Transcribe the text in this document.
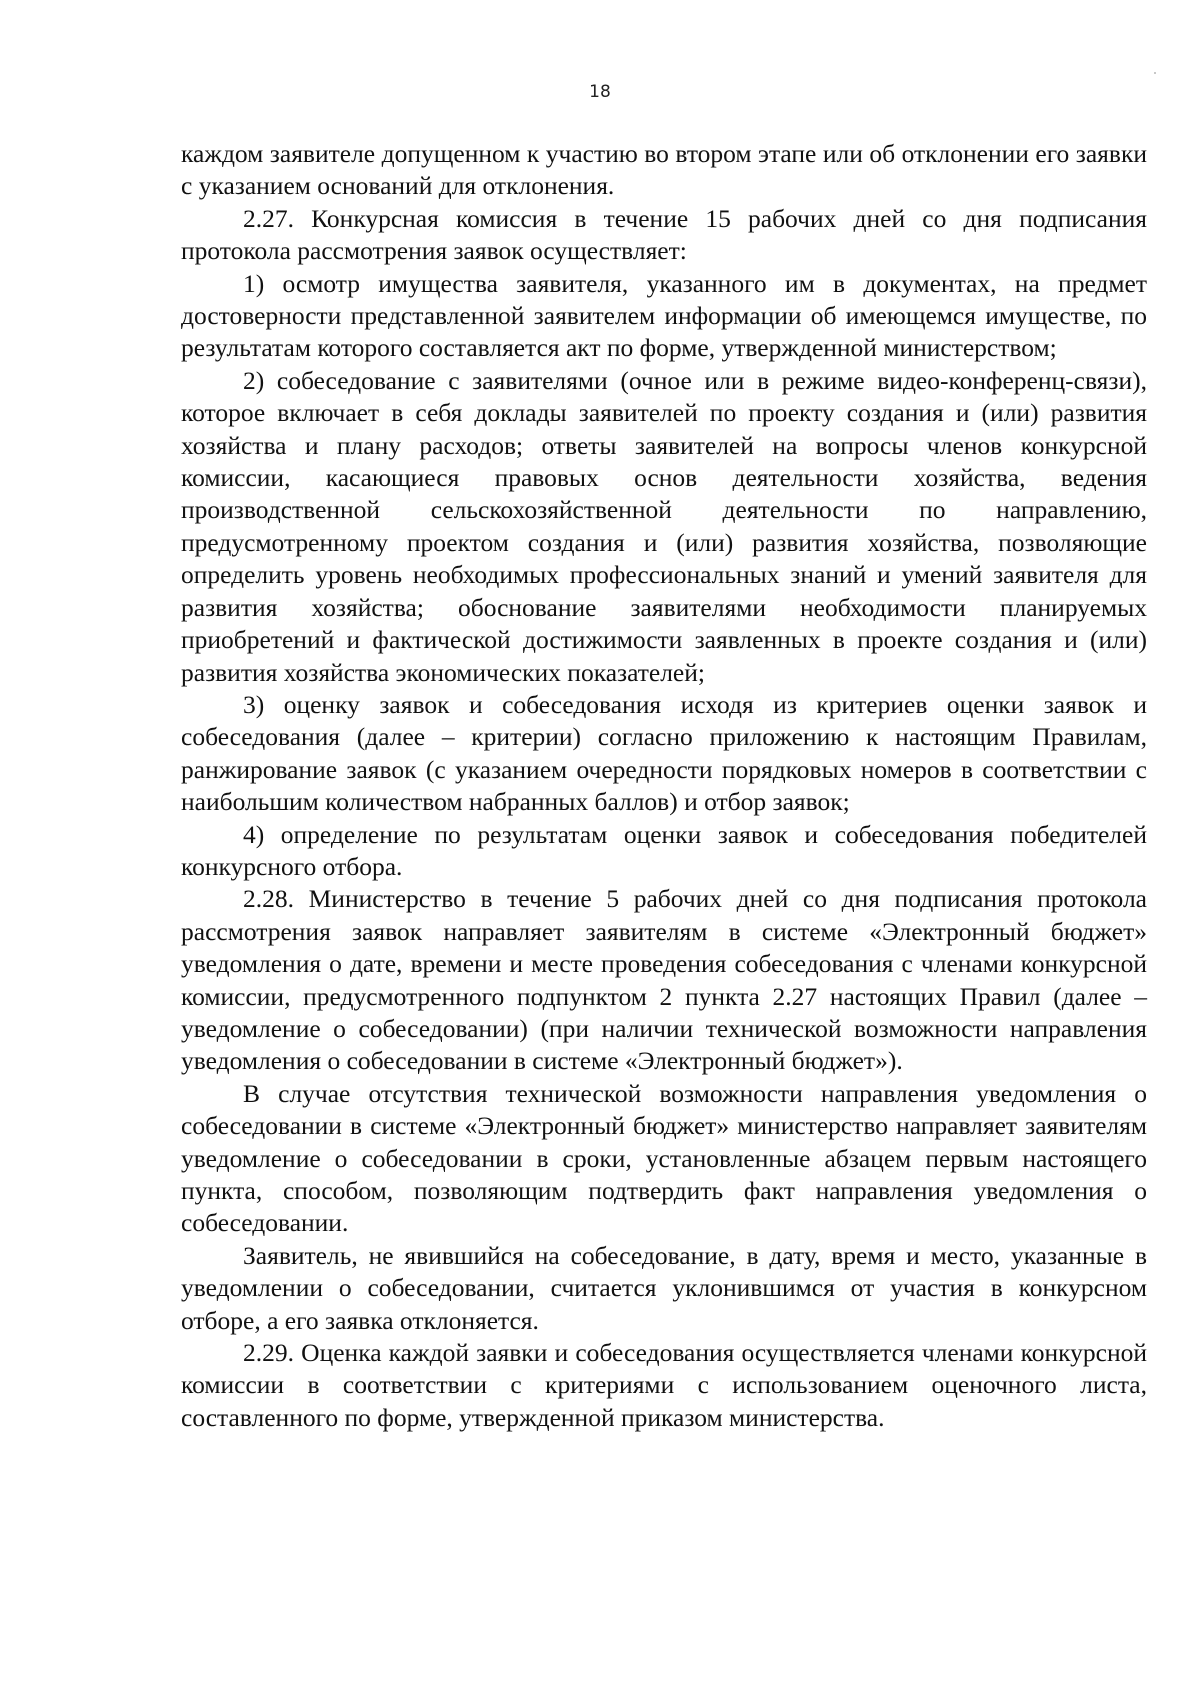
18

каждом заявителе допущенном к участию во втором этапе или об отклонении его заявки с указанием оснований для отклонения.

2.27. Конкурсная комиссия в течение 15 рабочих дней со дня подписания протокола рассмотрения заявок осуществляет:

1) осмотр имущества заявителя, указанного им в документах, на предмет достоверности представленной заявителем информации об имеющемся имуществе, по результатам которого составляется акт по форме, утвержденной министерством;

2) собеседование с заявителями (очное или в режиме видео-конференц-связи), которое включает в себя доклады заявителей по проекту создания и (или) развития хозяйства и плану расходов; ответы заявителей на вопросы членов конкурсной комиссии, касающиеся правовых основ деятельности хозяйства, ведения производственной сельскохозяйственной деятельности по направлению, предусмотренному проектом создания и (или) развития хозяйства, позволяющие определить уровень необходимых профессиональных знаний и умений заявителя для развития хозяйства; обоснование заявителями необходимости планируемых приобретений и фактической достижимости заявленных в проекте создания и (или) развития хозяйства экономических показателей;

3) оценку заявок и собеседования исходя из критериев оценки заявок и собеседования (далее – критерии) согласно приложению к настоящим Правилам, ранжирование заявок (с указанием очередности порядковых номеров в соответствии с наибольшим количеством набранных баллов) и отбор заявок;

4) определение по результатам оценки заявок и собеседования победителей конкурсного отбора.

2.28. Министерство в течение 5 рабочих дней со дня подписания протокола рассмотрения заявок направляет заявителям в системе «Электронный бюджет» уведомления о дате, времени и месте проведения собеседования с членами конкурсной комиссии, предусмотренного подпунктом 2 пункта 2.27 настоящих Правил (далее – уведомление о собеседовании) (при наличии технической возможности направления уведомления о собеседовании в системе «Электронный бюджет»).

В случае отсутствия технической возможности направления уведомления о собеседовании в системе «Электронный бюджет» министерство направляет заявителям уведомление о собеседовании в сроки, установленные абзацем первым настоящего пункта, способом, позволяющим подтвердить факт направления уведомления о собеседовании.

Заявитель, не явившийся на собеседование, в дату, время и место, указанные в уведомлении о собеседовании, считается уклонившимся от участия в конкурсном отборе, а его заявка отклоняется.

2.29. Оценка каждой заявки и собеседования осуществляется членами конкурсной комиссии в соответствии с критериями с использованием оценочного листа, составленного по форме, утвержденной приказом министерства.
